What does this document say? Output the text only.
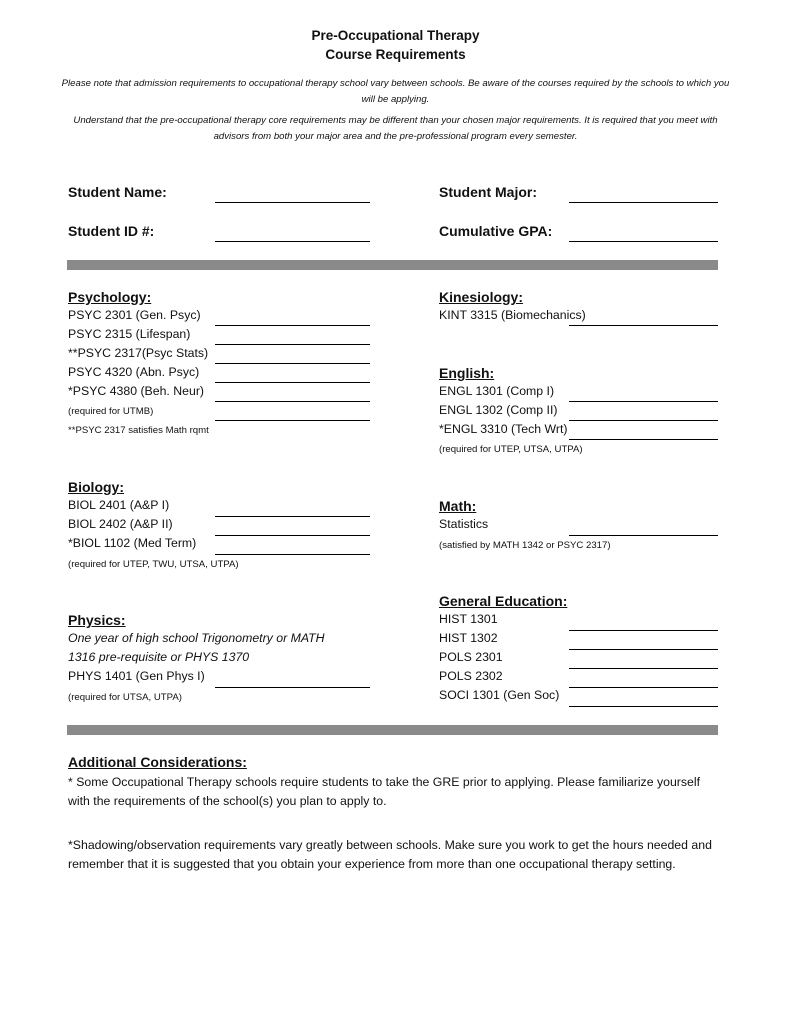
Pre-Occupational Therapy
Course Requirements
Please note that admission requirements to occupational therapy school vary between schools. Be aware of the courses required by the schools to which you will be applying.
Understand that the pre-occupational therapy core requirements may be different than your chosen major requirements. It is required that you meet with advisors from both your major area and the pre-professional program every semester.
Student Name:	Student Major:
Student ID #:	Cumulative GPA:
Psychology:
PSYC 2301 (Gen. Psyc)
PSYC 2315 (Lifespan)
**PSYC 2317(Psyc Stats)
PSYC 4320 (Abn. Psyc)
*PSYC 4380 (Beh. Neur)
(required for UTMB)
**PSYC 2317 satisfies Math rqmt
Kinesiology:
KINT 3315 (Biomechanics)
English:
ENGL 1301 (Comp I)
ENGL 1302 (Comp II)
*ENGL 3310 (Tech Wrt)
(required for UTEP, UTSA, UTPA)
Biology:
BIOL 2401 (A&P I)
BIOL 2402 (A&P II)
*BIOL 1102 (Med Term)
(required for UTEP, TWU, UTSA, UTPA)
Math:
Statistics
(satisfied by MATH 1342 or PSYC 2317)
Physics:
One year of high school Trigonometry or MATH
1316 pre-requisite or PHYS 1370
PHYS 1401 (Gen Phys I)
(required for UTSA, UTPA)
General Education:
HIST 1301
HIST 1302
POLS 2301
POLS 2302
SOCI 1301 (Gen Soc)
Additional Considerations:
* Some Occupational Therapy schools require students to take the GRE prior to applying. Please familiarize yourself with the requirements of the school(s) you plan to apply to.
*Shadowing/observation requirements vary greatly between schools. Make sure you work to get the hours needed and remember that it is suggested that you obtain your experience from more than one occupational therapy setting.
